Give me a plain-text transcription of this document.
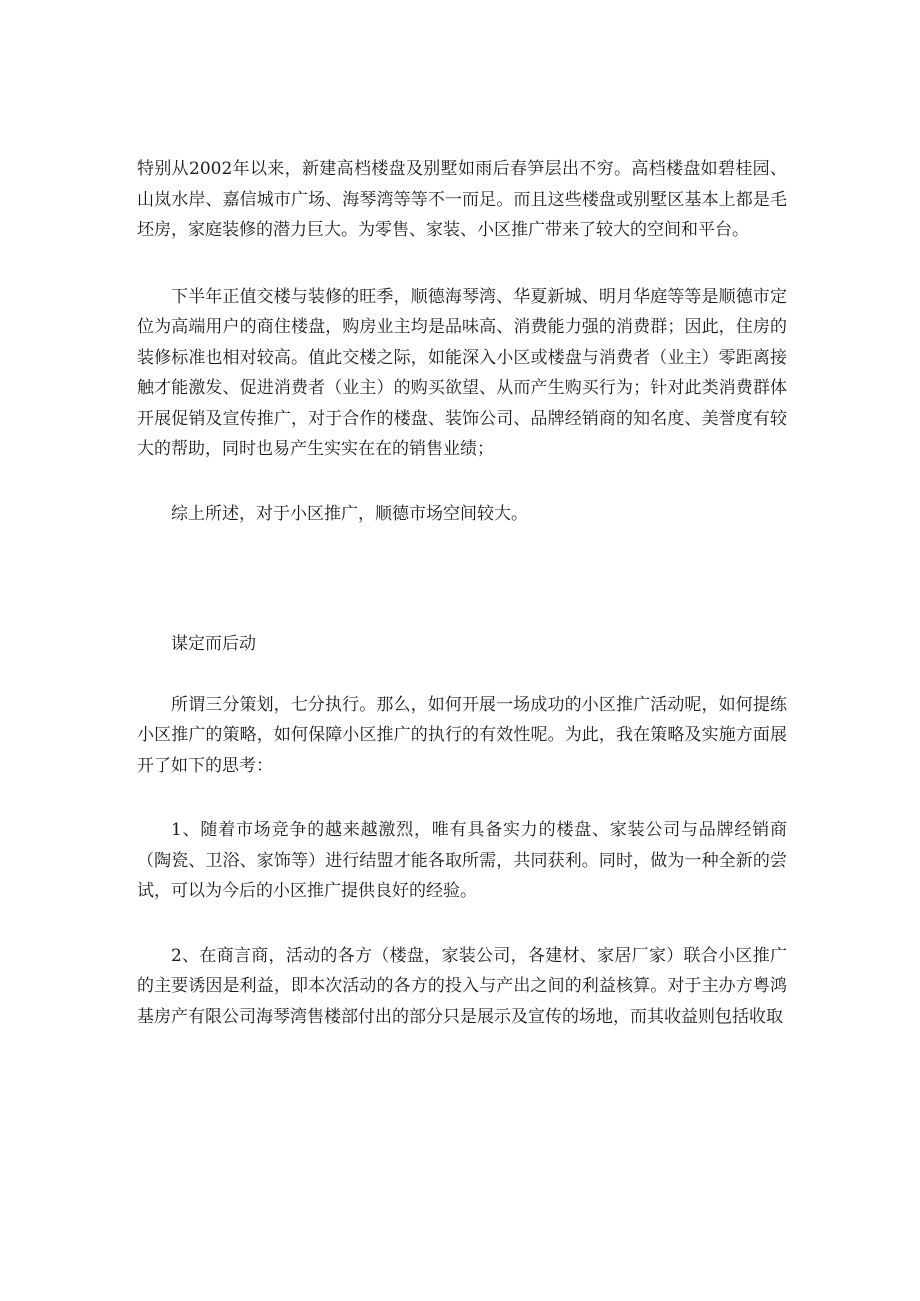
特别从2002年以来，新建高档楼盘及别墅如雨后春笋层出不穷。高档楼盘如碧桂园、山岚水岸、嘉信城市广场、海琴湾等等不一而足。而且这些楼盘或别墅区基本上都是毛坯房，家庭装修的潜力巨大。为零售、家装、小区推广带来了较大的空间和平台。

下半年正值交楼与装修的旺季，顺德海琴湾、华夏新城、明月华庭等等是顺德市定位为高端用户的商住楼盘，购房业主均是品味高、消费能力强的消费群；因此，住房的装修标准也相对较高。值此交楼之际，如能深入小区或楼盘与消费者（业主）零距离接触才能激发、促进消费者（业主）的购买欲望、从而产生购买行为；针对此类消费群体开展促销及宣传推广，对于合作的楼盘、装饰公司、品牌经销商的知名度、美誉度有较大的帮助，同时也易产生实实在在的销售业绩；

综上所述，对于小区推广，顺德市场空间较大。

谋定而后动

所谓三分策划，七分执行。那么，如何开展一场成功的小区推广活动呢，如何提练小区推广的策略，如何保障小区推广的执行的有效性呢。为此，我在策略及实施方面展开了如下的思考：

1、随着市场竞争的越来越激烈，唯有具备实力的楼盘、家装公司与品牌经销商（陶瓷、卫浴、家饰等）进行结盟才能各取所需，共同获利。同时，做为一种全新的尝试，可以为今后的小区推广提供良好的经验。

2、在商言商，活动的各方（楼盘，家装公司，各建材、家居厂家）联合小区推广的主要诱因是利益，即本次活动的各方的投入与产出之间的利益核算。对于主办方粤鸿基房产有限公司海琴湾售楼部付出的部分只是展示及宣传的场地，而其收益则包括收取
